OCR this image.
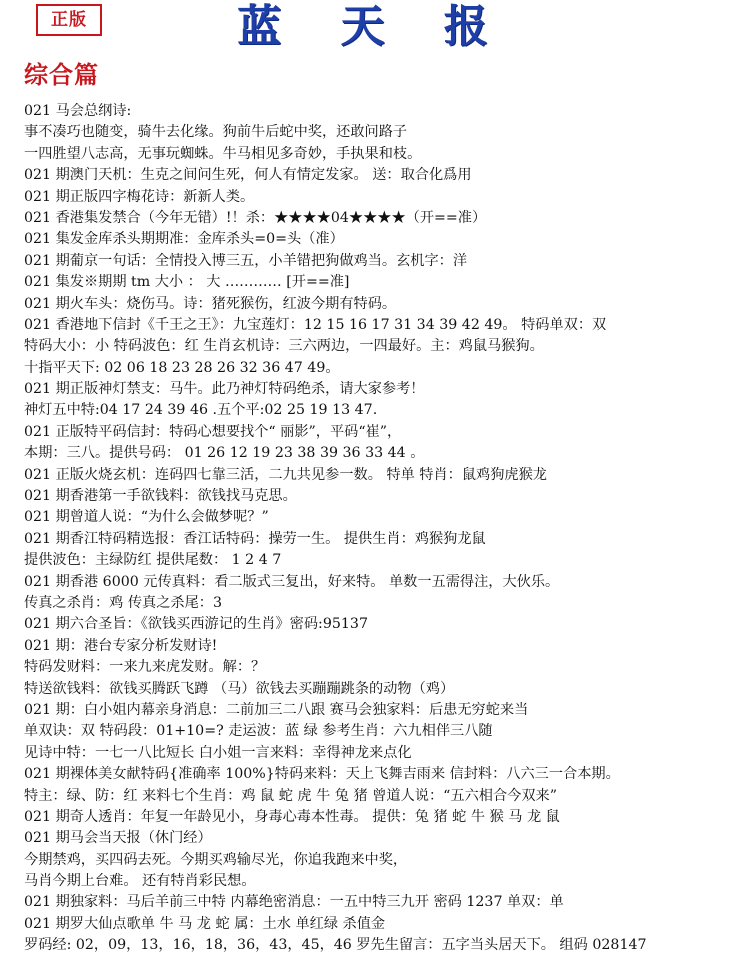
正版	蓝 天 报
综合篇
021 马会总纲诗:
事不凑巧也随变，骑牛去化缘。狗前牛后蛇中奖，还敢问路子
一四胜望八志高，无事玩蜘蛛。牛马相见多奇妙，手执果和枝。
021 期澳门天机：生克之间问生死，何人有情定发家。 送：取合化爲用
021 期正版四字梅花诗：新新人类。
021 香港集发禁合（今年无错）!！杀：★★★★04★★★★（开==准）
021 集发金库杀头期期准：金库杀头=0=头（准）
021 期葡京一句话：全情投入博三五，小羊错把狗做鸡当。玄机字：洋
021 集发※期期 tm 大小 ： 大 ………… [开==准]
021 期火车头：烧伤马。诗：猪死猴伤，红波今期有特码。
021 香港地下信封《千王之王》：九宝莲灯：12 15 16 17 31 34 39 42 49。 特码单双：双
特码大小：小 特码波色：红 生肖玄机诗：三六两边，一四最好。主：鸡鼠马猴狗。
十指平天下: 02 06 18 23 28 26 32 36 47 49。
021 期正版神灯禁支：马牛。此乃神灯特码绝杀，请大家参考！
神灯五中特:04 17 24 39 46 .五个平:02 25 19 13 47.
021 正版特平码信封：特码心想要找个“ 丽影”，平码“崔”，
本期：三八。提供号码： 01 26 12 19 23 38 39 36 33 44 。
021 正版火烧玄机：连码四七靠三活，二九共见参一数。 特单 特肖：鼠鸡狗虎猴龙
021 期香港第一手欲钱料：欲钱找马克思。
021 期曾道人说：“为什么会做梦呢？”
021 期香江特码精选报：香江话特码：操劳一生。 提供生肖：鸡猴狗龙鼠
提供波色：主绿防红 提供尾数： 1 2 4 7
021 期香港 6000 元传真料：看二版式三复出，好来特。 单数一五需得注，大伙乐。
传真之杀肖：鸡 传真之杀尾：3
021 期六合圣旨：《欲钱买西游记的生肖》密码:95137
021 期：港台专家分析发财诗!
特码发财料：一来九来虎发财。解：？
特送欲钱料：欲钱买腾跃飞蹲 （马）欲钱去买蹦蹦跳条的动物（鸡）
021 期：白小姐内幕亲身消息：二前加三二八跟 赛马会独家料：后患无穷蛇来当
单双诀：双 特码段：01+10=? 走运波：蓝 绿 参考生肖：六九相伴三八随
见诗中特：一七一八比短长 白小姐一言来料：幸得神龙来点化
021 期裸体美女献特码{准确率 100%}特码来料：天上飞舞吉雨来 信封料：八六三一合本期。
特主：绿、防：红 来料七个生肖：鸡 鼠 蛇 虎 牛 兔 猪 曾道人说：“五六相合今双来”
021 期奇人透肖：年复一年龄见小，身毒心毒本性毒。 提供：兔 猪 蛇 牛 猴 马 龙 鼠
021 期马会当天报（休门经）
今期禁鸡，买四码去死。今期买鸡输尽光，你追我跑来中奖，
马肖今期上台难。 还有特肖彩民想。
021 期独家料：马后羊前三中特 内幕绝密消息：一五中特三九开 密码 1237 单双：单
021 期罗大仙点歌单 牛 马 龙 蛇 属：土水 单红绿 杀值金
罗码经: 02，09，13，16，18，36，43，45，46 罗先生留言：五字当头居天下。 组码 028147
